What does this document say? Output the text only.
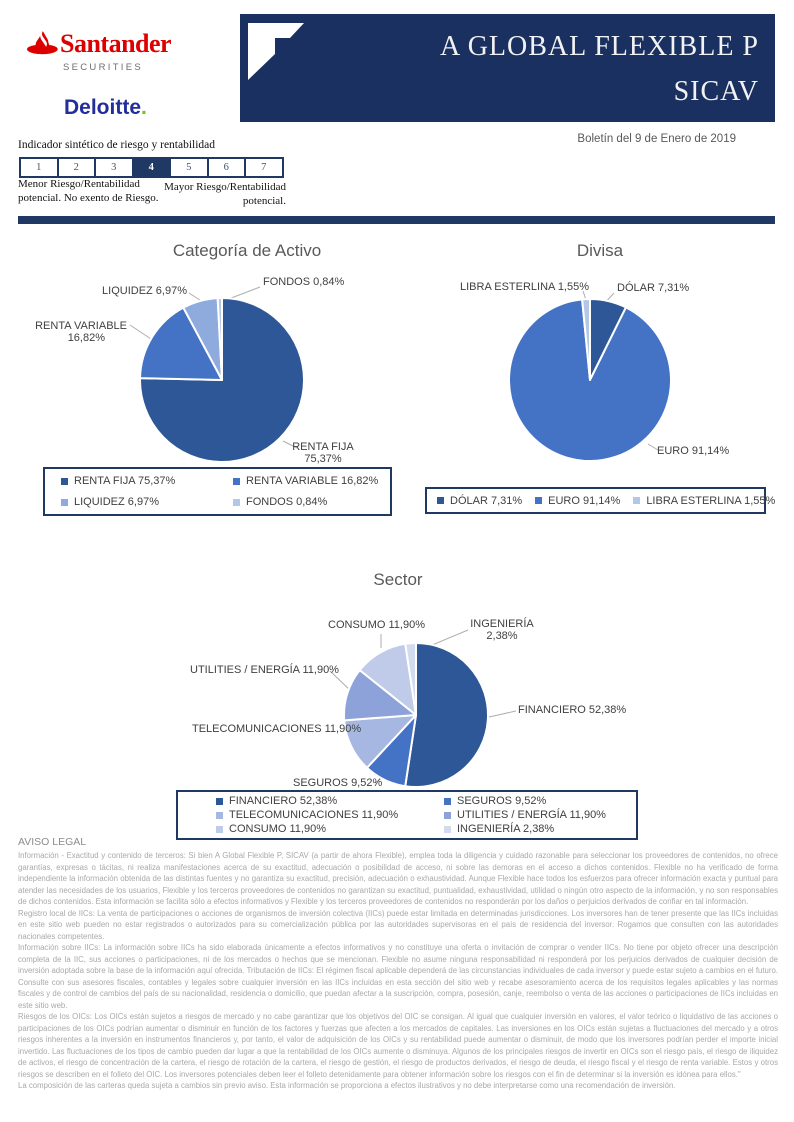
Santander
SECURITIES
Deloitte.
A GLOBAL FLEXIBLE P
SICAV
Boletín del 9 de Enero de 2019
Indicador sintético de riesgo y rentabilidad
1	2	3	4	5	6	7
Menor Riesgo/Rentabilidad potencial. No exento de Riesgo.
Mayor Riesgo/Rentabilidad potencial.
Categoría de Activo
FONDOS 0,84%
LIQUIDEZ 6,97%
RENTA VARIABLE
16,82%
RENTA FIJA
75,37%
RENTA FIJA 75,37%	RENTA VARIABLE 16,82%
LIQUIDEZ 6,97%	FONDOS 0,84%
Divisa
LIBRA ESTERLINA 1,55%	DÓLAR 7,31%
EURO 91,14%
DÓLAR 7,31% EURO 91,14% LIBRA ESTERLINA 1,55%
Sector
CONSUMO 11,90%	INGENIERÍA
2,38%
UTILITIES / ENERGÍA 11,90%
TELECOMUNICACIONES 11,90%
SEGUROS 9,52%
FINANCIERO 52,38%
FINANCIERO 52,38%	SEGUROS 9,52%
TELECOMUNICACIONES 11,90%	UTILITIES / ENERGÍA 11,90%
CONSUMO 11,90%	INGENIERÍA 2,38%
AVISO LEGAL

Información - Exactitud y contenido de terceros: Si bien A Global Flexible P, SICAV (a partir de ahora Flexible), emplea toda la diligencia y cuidado razonable para seleccionar los proveedores de contenidos, no ofrece garantías, expresas o tácitas, ni realiza manifestaciones acerca de su exactitud, adecuación o posibilidad de acceso, ni sobre las demoras en el acceso a dichos contenidos. Flexible no ha verificado de forma independiente la información obtenida de las distintas fuentes y no garantiza su exactitud, precisión, adecuación o exhaustividad. Aunque Flexible hace todos los esfuerzos para ofrecer información exacta y puntual para atender las necesidades de los usuarios, Flexible y los terceros proveedores de contenidos no garantizan su exactitud, puntualidad, exhaustividad, utilidad o ningún otro aspecto de la información, y no son responsables de dichos contenidos. Esta información se facilita sólo a efectos informativos y Flexible y los terceros proveedores de contenidos no responderán por los daños o perjuicios derivados de confiar en tal información.

Registro local de IICs: La venta de participaciones o acciones de organismos de inversión colectiva (IICs) puede estar limitada en determinadas jurisdicciones. Los inversores han de tener presente que las IICs incluidas en este sitio web pueden no estar registrados o autorizados para su comercialización pública por las autoridades supervisoras en el país de residencia del inversor. Rogamos que consulten con las autoridades nacionales competentes.

Información sobre IICs: La información sobre IICs ha sido elaborada únicamente a efectos informativos y no constituye una oferta o invitación de comprar o vender IICs. No tiene por objeto ofrecer una descripción completa de la IIC, sus acciones o participaciones, ni de los mercados o hechos que se mencionan. Flexible no asume ninguna responsabilidad ni responderá por los perjuicios derivados de cualquier decisión de inversión adoptada sobre la base de la información aquí ofrecida. Tributación de IICs: El régimen fiscal aplicable dependerá de las circunstancias individuales de cada inversor y puede estar sujeto a cambios en el futuro. Consulte con sus asesores fiscales, contables y legales sobre cualquier inversión en las IICs incluidas en esta sección del sitio web y recabe asesoramiento acerca de los requisitos legales aplicables y las normas fiscales y de control de cambios del país de su nacionalidad, residencia o domicilio, que puedan afectar a la suscripción, compra, posesión, canje, reembolso o venta de las acciones o participaciones de IICs incluidas en este sitio web.

Riesgos de los OICs: Los OICs están sujetos a riesgos de mercado y no cabe garantizar que los objetivos del OIC se consigan. Al igual que cualquier inversión en valores, el valor teórico o liquidativo de las acciones o participaciones de los OICs podrían aumentar o disminuir en función de los factores y fuerzas que afecten a los mercados de capitales. Las inversiones en los OICs están sujetas a fluctuaciones del mercado y a otros riesgos inherentes a la inversión en instrumentos financieros y, por tanto, el valor de adquisición de los OICs y su rentabilidad puede aumentar o disminuir, de modo que los inversores podrían perder el importe inicial invertido. Las fluctuaciones de los tipos de cambio pueden dar lugar a que la rentabilidad de los OICs aumente o disminuya. Algunos de los principales riesgos de invertir en OICs son el riesgo país, el riesgo de iliquidez de activos, el riesgo de concentración de la cartera, el riesgo de rotación de la cartera, el riesgo de gestión, el riesgo de productos derivados, el riesgo de deuda, el riesgo fiscal y el riesgo de renta variable. Estos y otros riesgos se describen en el folleto del OIC. Los inversores potenciales deben leer el folleto detenidamente para obtener información sobre los riesgos con el fin de determinar si la inversión es idónea para ellos."

La composición de las carteras queda sujeta a cambios sin previo aviso. Esta información se proporciona a efectos ilustrativos y no debe interpretarse como una recomendación de inversión.
